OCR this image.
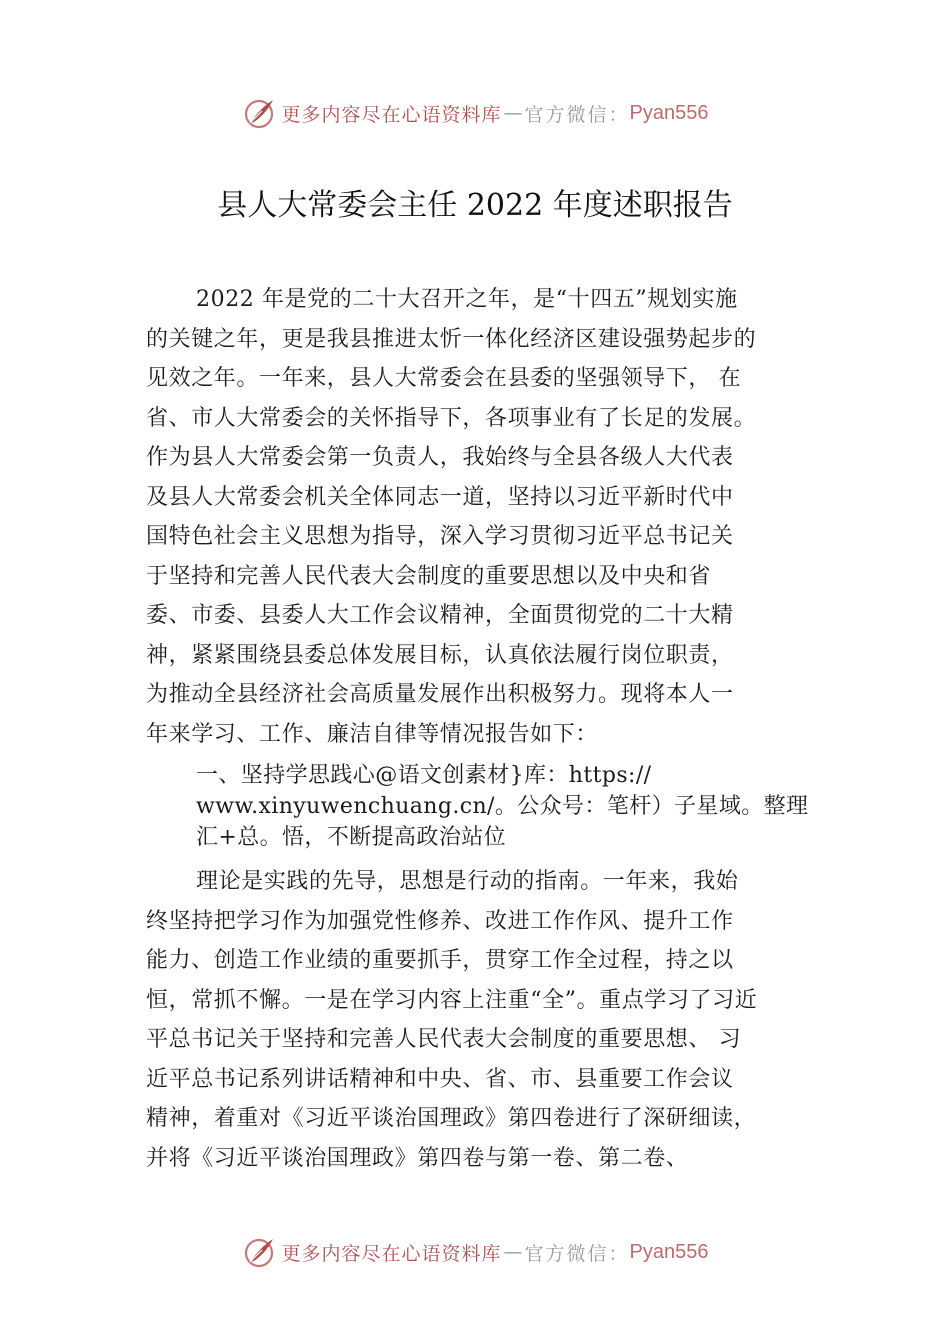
更多内容尽在心语资料库 — 官方微信： Pyan556
县人大常委会主任 2022 年度述职报告

2022 年是党的二十大召开之年，是“十四五”规划实施

的关键之年，更是我县推进太忻一体化经济区建设强势起步的

见效之年。一年来，县人大常委会在县委的坚强领导下， 在

省、市人大常委会的关怀指导下，各项事业有了长足的发展。

作为县人大常委会第一负责人，我始终与全县各级人大代表

及县人大常委会机关全体同志一道，坚持以习近平新时代中

国特色社会主义思想为指导，深入学习贯彻习近平总书记关

于坚持和完善人民代表大会制度的重要思想以及中央和省

委、市委、县委人大工作会议精神，全面贯彻党的二十大精

神，紧紧围绕县委总体发展目标，认真依法履行岗位职责，

为推动全县经济社会高质量发展作出积极努力。现将本人一

年来学习、工作、廉洁自律等情况报告如下：

一、坚持学思践心@语文创素材}库：https://

www.xinyuwenchuang.cn/。公众号：笔杆）子星域。整理

汇+总。悟，不断提高政治站位

理论是实践的先导，思想是行动的指南。一年来，我始

终坚持把学习作为加强党性修养、改进工作作风、提升工作

能力、创造工作业绩的重要抓手，贯穿工作全过程，持之以

恒，常抓不懈。一是在学习内容上注重“全”。重点学习了习近

平总书记关于坚持和完善人民代表大会制度的重要思想、 习

近平总书记系列讲话精神和中央、省、市、县重要工作会议

精神，着重对《习近平谈治国理政》第四卷进行了深研细读，

并将《习近平谈治国理政》第四卷与第一卷、第二卷、

更多内容尽在心语资料库 — 官方微信： Pyan556
